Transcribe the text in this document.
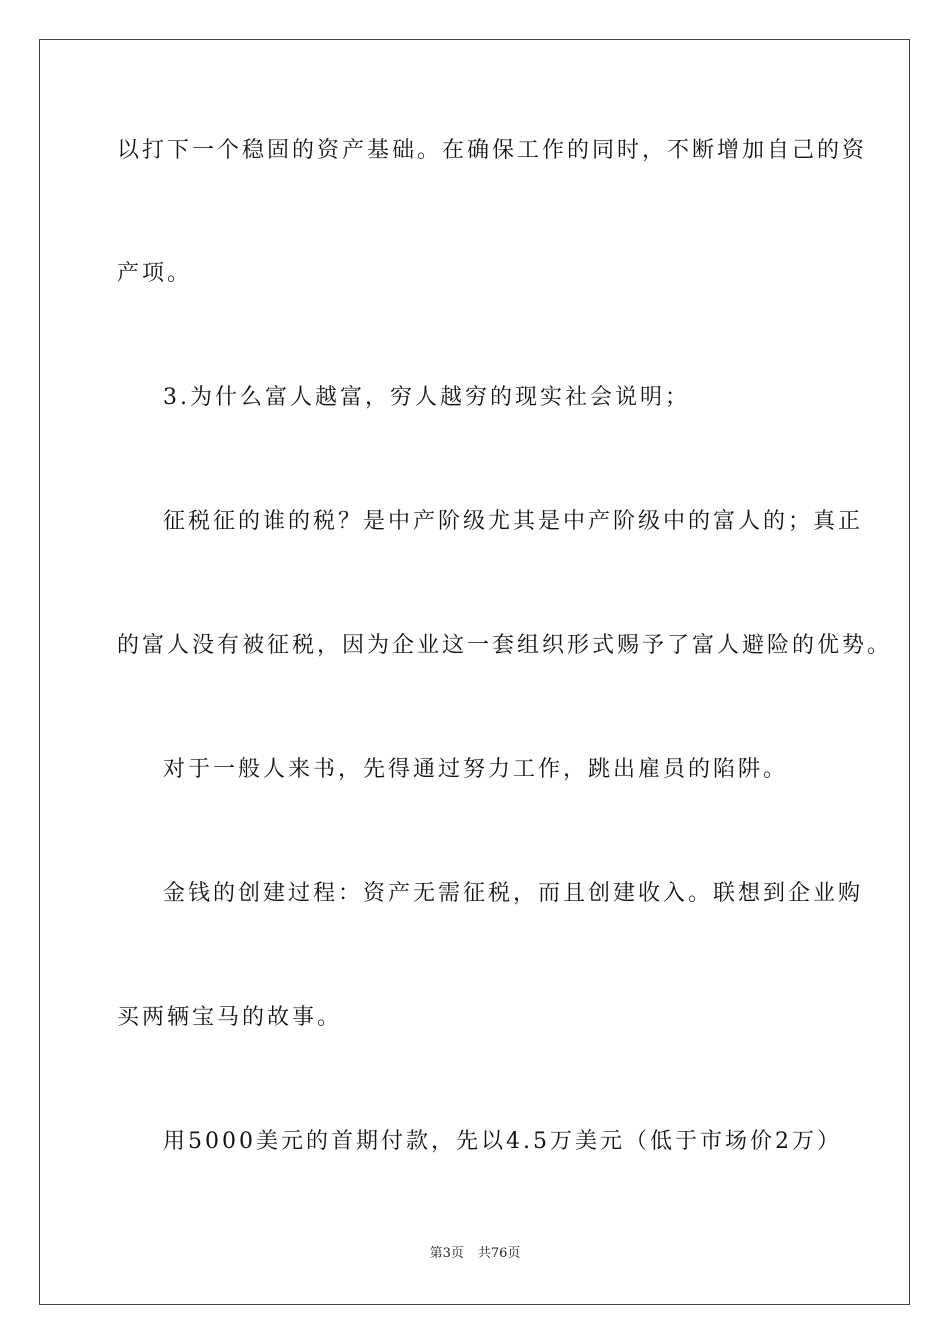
以打下一个稳固的资产基础。在确保工作的同时，不断增加自己的资
产项。
3.为什么富人越富，穷人越穷的现实社会说明；
征税征的谁的税？是中产阶级尤其是中产阶级中的富人的；真正
的富人没有被征税，因为企业这一套组织形式赐予了富人避险的优势。
对于一般人来书，先得通过努力工作，跳出雇员的陷阱。
金钱的创建过程：资产无需征税，而且创建收入。联想到企业购
买两辆宝马的故事。
用5000美元的首期付款，先以4.5万美元（低于市场价2万）
第3页 共76页
